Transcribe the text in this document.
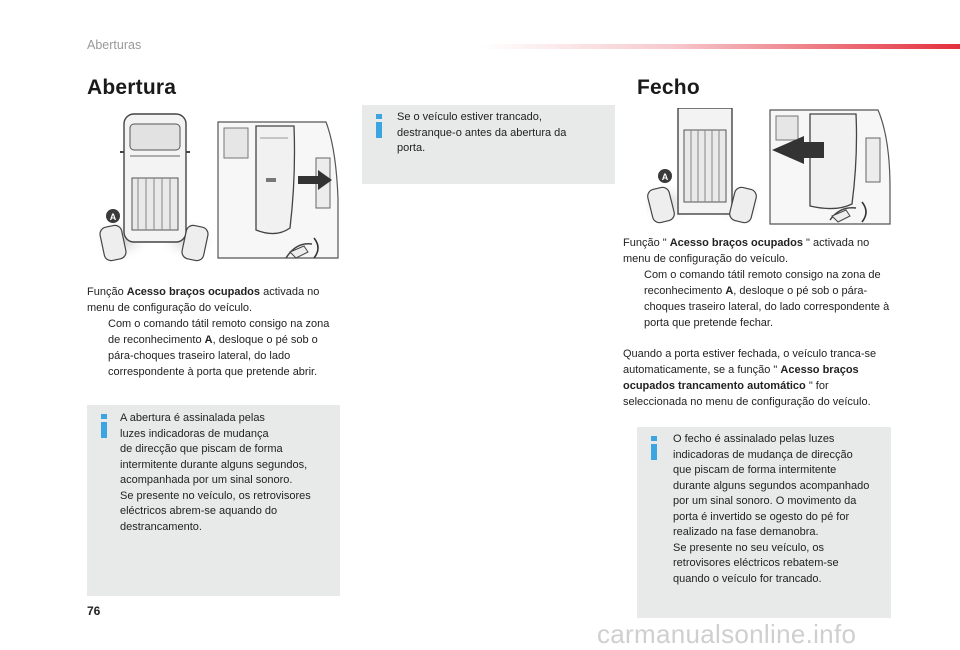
Aberturas
Abertura
A
Função Acesso braços ocupados activada no menu de configuração do veículo.
Com o comando tátil remoto consigo na zona de reconhecimento A, desloque o pé sob o pára-choques traseiro lateral, do lado correspondente à porta que pretende abrir.
A abertura é assinalada pelas
luzes indicadoras de mudança
de direcção que piscam de forma
intermitente durante alguns segundos,
acompanhada por um sinal sonoro.
Se presente no veículo, os retrovisores
eléctricos abrem-se aquando do
destrancamento.
Se o veículo estiver trancado,
destranque-o antes da abertura da
porta.
Fecho
A
Função " Acesso braços ocupados " activada no menu de configuração do veículo.
Com o comando tátil remoto consigo na zona de reconhecimento A, desloque o pé sob o pára-choques traseiro lateral, do lado correspondente à porta que pretende fechar.
Quando a porta estiver fechada, o veículo tranca-se automaticamente, se a função " Acesso braços ocupados trancamento automático " for seleccionada no menu de configuração do veículo.
O fecho é assinalado pelas luzes
indicadoras de mudança de direcção
que piscam de forma intermitente
durante alguns segundos acompanhado
por um sinal sonoro. O movimento da
porta é invertido se ogesto do pé for
realizado na fase demanobra.
Se presente no seu veículo, os
retrovisores eléctricos rebatem-se
quando o veículo for trancado.
76
carmanualsonline.info
